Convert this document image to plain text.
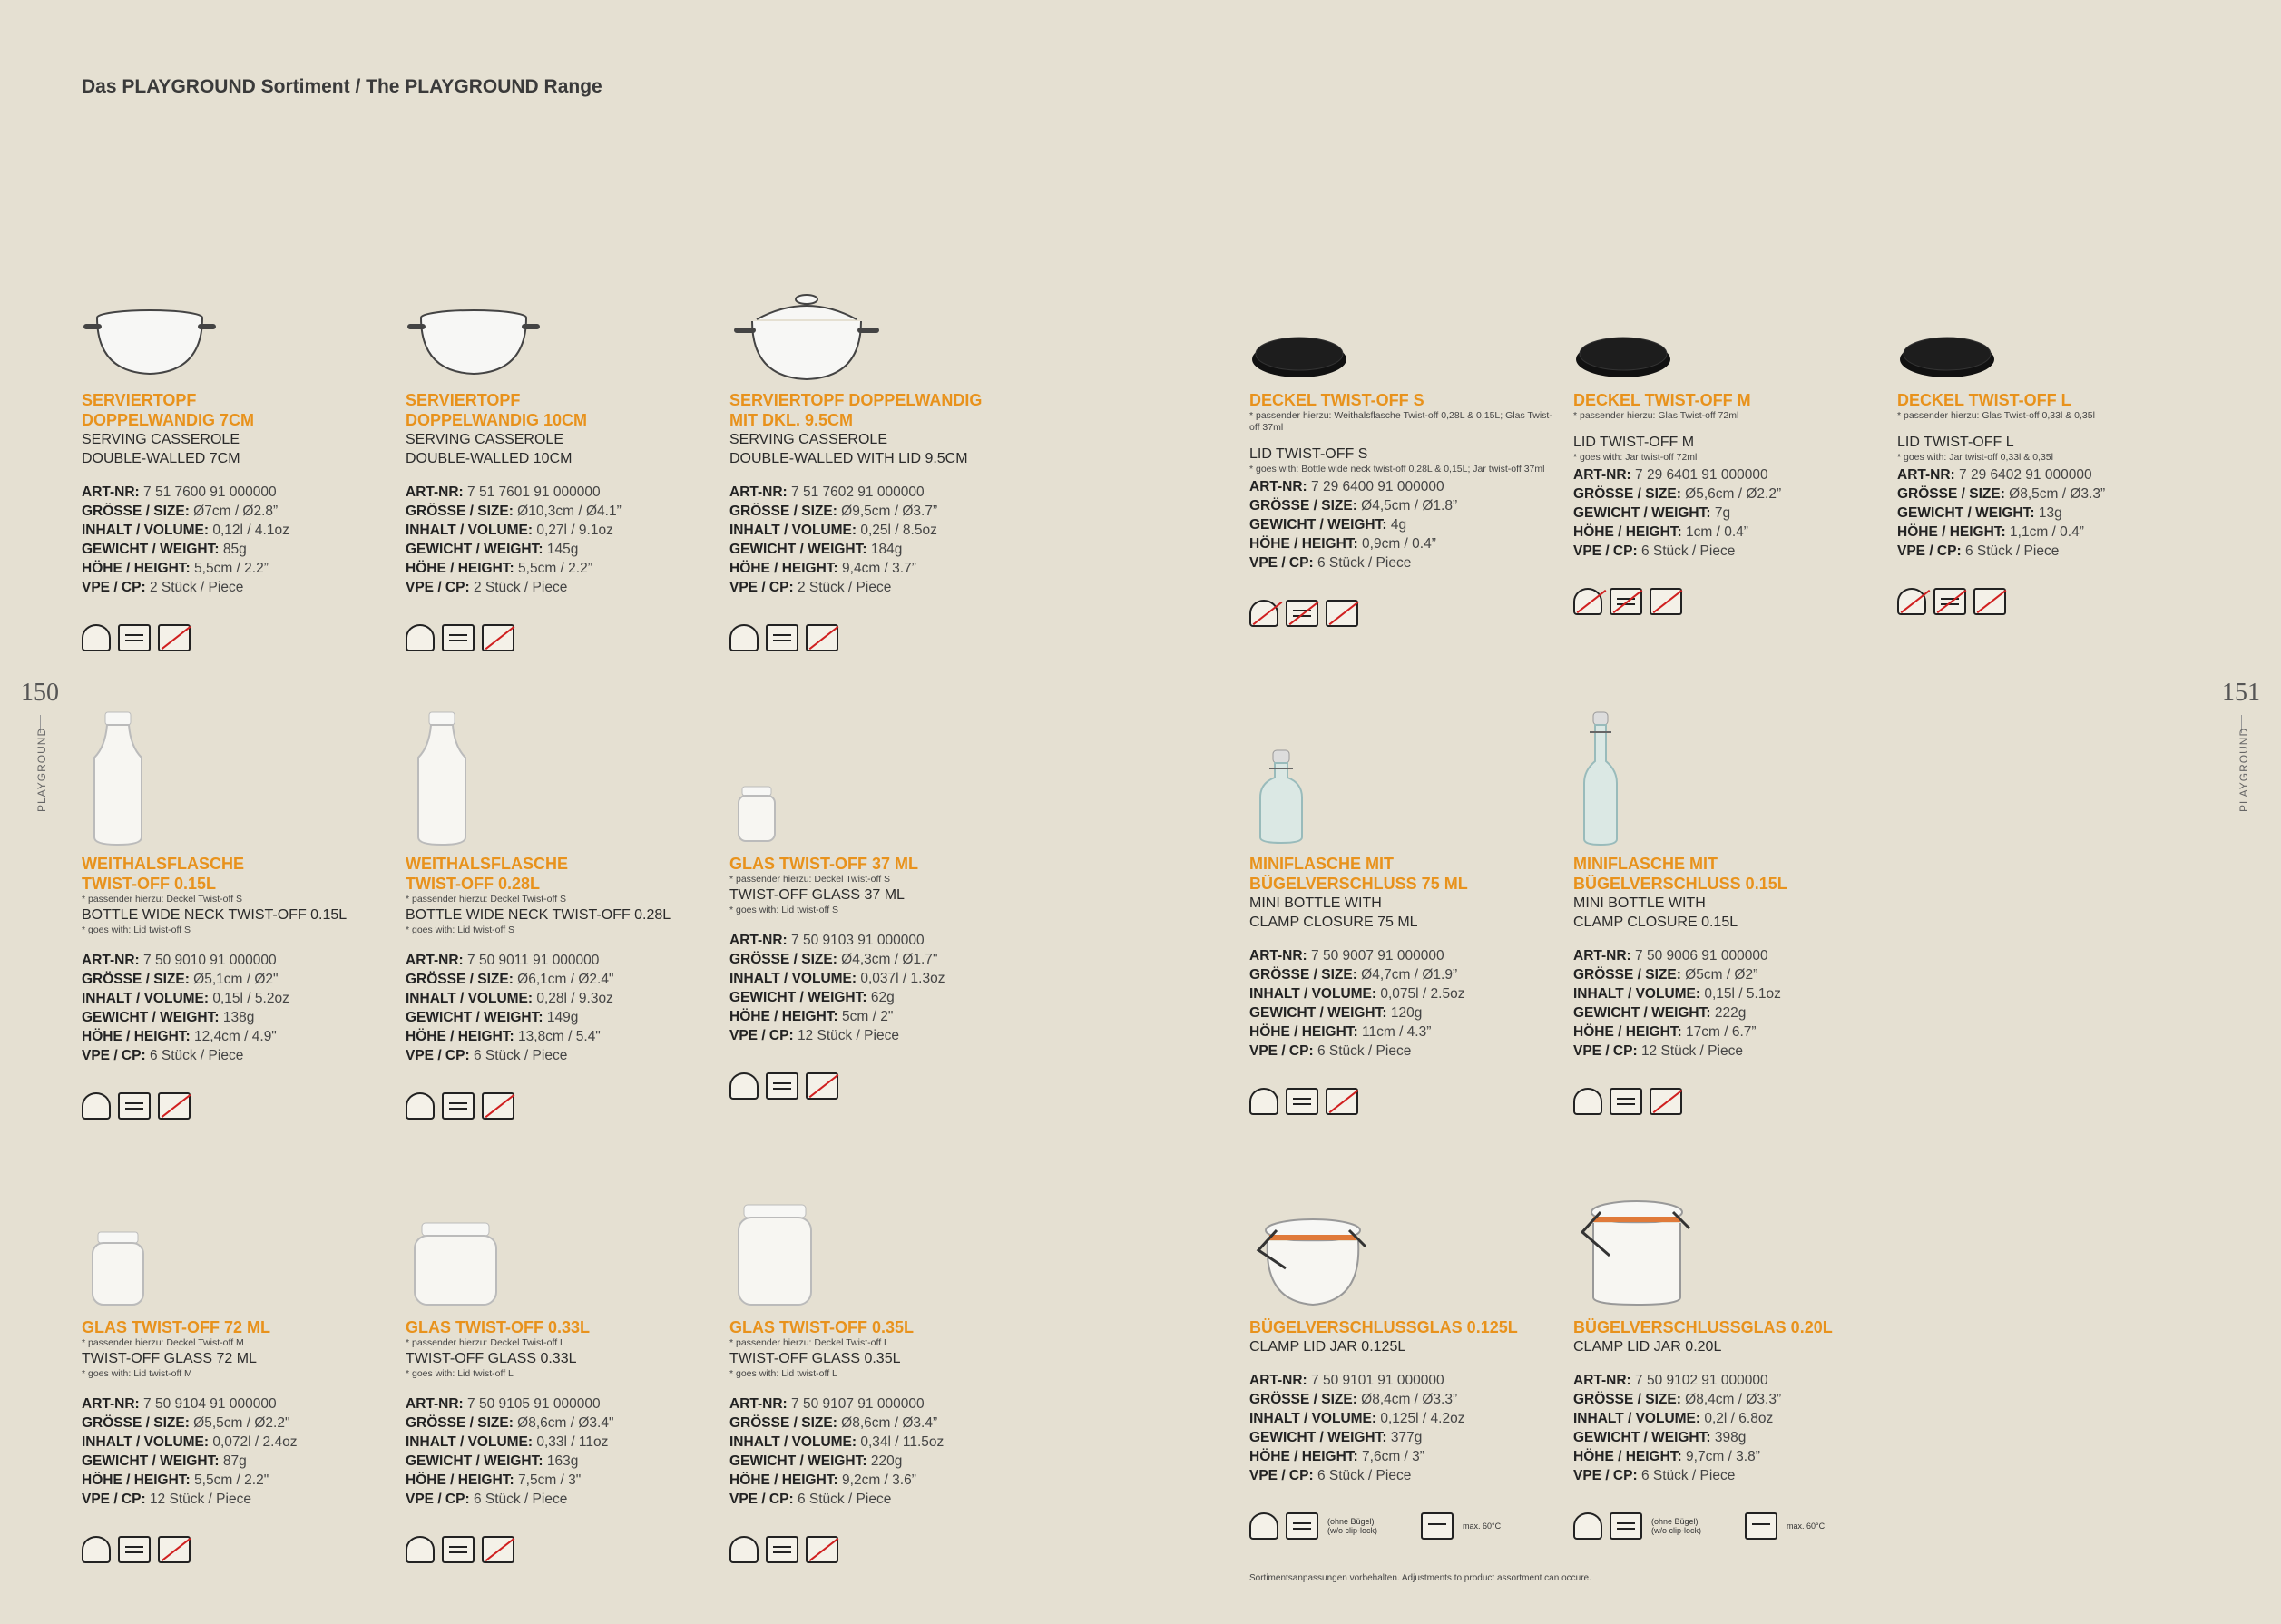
Das PLAYGROUND Sortiment / The PLAYGROUND Range
150
PLAYGROUND
151
PLAYGROUND
SERVIERTOPF
DOPPELWANDIG 7CM
SERVING CASSEROLE
DOUBLE-WALLED 7CM
ART-NR: 7 51 7600 91 000000
GRÖSSE / SIZE: Ø7cm / Ø2.8”
INHALT / VOLUME: 0,12l / 4.1oz
GEWICHT / WEIGHT: 85g
HÖHE / HEIGHT: 5,5cm / 2.2”
VPE / CP: 2 Stück / Piece
SERVIERTOPF
DOPPELWANDIG 10CM
SERVING CASSEROLE
DOUBLE-WALLED 10CM
ART-NR: 7 51 7601 91 000000
GRÖSSE / SIZE: Ø10,3cm / Ø4.1”
INHALT / VOLUME: 0,27l / 9.1oz
GEWICHT / WEIGHT: 145g
HÖHE / HEIGHT: 5,5cm / 2.2”
VPE / CP: 2 Stück / Piece
SERVIERTOPF DOPPELWANDIG
MIT DKL. 9.5CM
SERVING CASSEROLE
DOUBLE-WALLED WITH LID 9.5CM
ART-NR: 7 51 7602 91 000000
GRÖSSE / SIZE: Ø9,5cm / Ø3.7”
INHALT / VOLUME: 0,25l / 8.5oz
GEWICHT / WEIGHT: 184g
HÖHE / HEIGHT: 9,4cm / 3.7”
VPE / CP: 2 Stück / Piece
DECKEL TWIST-OFF S
* passender hierzu: Weithalsflasche Twist-off 0,28L & 0,15L; Glas Twist-off 37ml
LID TWIST-OFF S
* goes with: Bottle wide neck twist-off 0,28L & 0,15L; Jar twist-off 37ml
ART-NR: 7 29 6400 91 000000
GRÖSSE / SIZE: Ø4,5cm / Ø1.8”
GEWICHT / WEIGHT: 4g
HÖHE / HEIGHT: 0,9cm / 0.4”
VPE / CP: 6 Stück / Piece
DECKEL TWIST-OFF M
* passender hierzu: Glas Twist-off 72ml
LID TWIST-OFF M
* goes with: Jar twist-off 72ml
ART-NR: 7 29 6401 91 000000
GRÖSSE / SIZE: Ø5,6cm / Ø2.2”
GEWICHT / WEIGHT: 7g
HÖHE / HEIGHT: 1cm / 0.4”
VPE / CP: 6 Stück / Piece
DECKEL TWIST-OFF L
* passender hierzu: Glas Twist-off 0,33l & 0,35l
LID TWIST-OFF L
* goes with: Jar twist-off 0,33l & 0,35l
ART-NR: 7 29 6402 91 000000
GRÖSSE / SIZE: Ø8,5cm / Ø3.3”
GEWICHT / WEIGHT: 13g
HÖHE / HEIGHT: 1,1cm / 0.4”
VPE / CP: 6 Stück / Piece
WEITHALSFLASCHE
TWIST-OFF 0.15L
* passender hierzu: Deckel Twist-off S
BOTTLE WIDE NECK TWIST-OFF 0.15L
* goes with: Lid twist-off S
ART-NR: 7 50 9010 91 000000
GRÖSSE / SIZE: Ø5,1cm / Ø2"
INHALT / VOLUME: 0,15l / 5.2oz
GEWICHT / WEIGHT: 138g
HÖHE / HEIGHT: 12,4cm / 4.9"
VPE / CP: 6 Stück / Piece
WEITHALSFLASCHE
TWIST-OFF 0.28L
* passender hierzu: Deckel Twist-off S
BOTTLE WIDE NECK TWIST-OFF 0.28L
* goes with: Lid twist-off S
ART-NR: 7 50 9011 91 000000
GRÖSSE / SIZE: Ø6,1cm / Ø2.4"
INHALT / VOLUME: 0,28l / 9.3oz
GEWICHT / WEIGHT: 149g
HÖHE / HEIGHT: 13,8cm / 5.4"
VPE / CP: 6 Stück / Piece
GLAS TWIST-OFF 37 ML
* passender hierzu: Deckel Twist-off S
TWIST-OFF GLASS 37 ML
* goes with: Lid twist-off S
ART-NR: 7 50 9103 91 000000
GRÖSSE / SIZE: Ø4,3cm / Ø1.7"
INHALT / VOLUME: 0,037l / 1.3oz
GEWICHT / WEIGHT: 62g
HÖHE / HEIGHT: 5cm / 2"
VPE / CP: 12 Stück / Piece
MINIFLASCHE MIT
BÜGELVERSCHLUSS 75 ML
MINI BOTTLE WITH
CLAMP CLOSURE 75 ML
ART-NR: 7 50 9007 91 000000
GRÖSSE / SIZE: Ø4,7cm / Ø1.9”
INHALT / VOLUME: 0,075l / 2.5oz
GEWICHT / WEIGHT: 120g
HÖHE / HEIGHT: 11cm / 4.3”
VPE / CP: 6 Stück / Piece
MINIFLASCHE MIT
BÜGELVERSCHLUSS 0.15L
MINI BOTTLE WITH
CLAMP CLOSURE 0.15L
ART-NR: 7 50 9006 91 000000
GRÖSSE / SIZE: Ø5cm / Ø2”
INHALT / VOLUME: 0,15l / 5.1oz
GEWICHT / WEIGHT: 222g
HÖHE / HEIGHT: 17cm / 6.7”
VPE / CP: 12 Stück / Piece
GLAS TWIST-OFF 72 ML
* passender hierzu: Deckel Twist-off M
TWIST-OFF GLASS 72 ML
* goes with: Lid twist-off M
ART-NR: 7 50 9104 91 000000
GRÖSSE / SIZE: Ø5,5cm / Ø2.2"
INHALT / VOLUME: 0,072l / 2.4oz
GEWICHT / WEIGHT: 87g
HÖHE / HEIGHT: 5,5cm / 2.2"
VPE / CP: 12 Stück / Piece
GLAS TWIST-OFF 0.33L
* passender hierzu: Deckel Twist-off L
TWIST-OFF GLASS 0.33L
* goes with: Lid twist-off L
ART-NR: 7 50 9105 91 000000
GRÖSSE / SIZE: Ø8,6cm / Ø3.4"
INHALT / VOLUME: 0,33l / 11oz
GEWICHT / WEIGHT: 163g
HÖHE / HEIGHT: 7,5cm / 3"
VPE / CP: 6 Stück / Piece
GLAS TWIST-OFF 0.35L
* passender hierzu: Deckel Twist-off L
TWIST-OFF GLASS 0.35L
* goes with: Lid twist-off L
ART-NR: 7 50 9107 91 000000
GRÖSSE / SIZE: Ø8,6cm / Ø3.4”
INHALT / VOLUME: 0,34l / 11.5oz
GEWICHT / WEIGHT: 220g
HÖHE / HEIGHT: 9,2cm / 3.6”
VPE / CP: 6 Stück / Piece
BÜGELVERSCHLUSSGLAS 0.125L
CLAMP LID JAR 0.125L
ART-NR: 7 50 9101 91 000000
GRÖSSE / SIZE: Ø8,4cm / Ø3.3”
INHALT / VOLUME: 0,125l / 4.2oz
GEWICHT / WEIGHT: 377g
HÖHE / HEIGHT: 7,6cm / 3”
VPE / CP: 6 Stück / Piece
(ohne Bügel)
(w/o clip-lock)	max. 60°C
BÜGELVERSCHLUSSGLAS 0.20L
CLAMP LID JAR 0.20L
ART-NR: 7 50 9102 91 000000
GRÖSSE / SIZE: Ø8,4cm / Ø3.3”
INHALT / VOLUME: 0,2l / 6.8oz
GEWICHT / WEIGHT: 398g
HÖHE / HEIGHT: 9,7cm / 3.8”
VPE / CP: 6 Stück / Piece
(ohne Bügel)
(w/o clip-lock)	max. 60°C
Sortimentsanpassungen vorbehalten. Adjustments to product assortment can occure.
